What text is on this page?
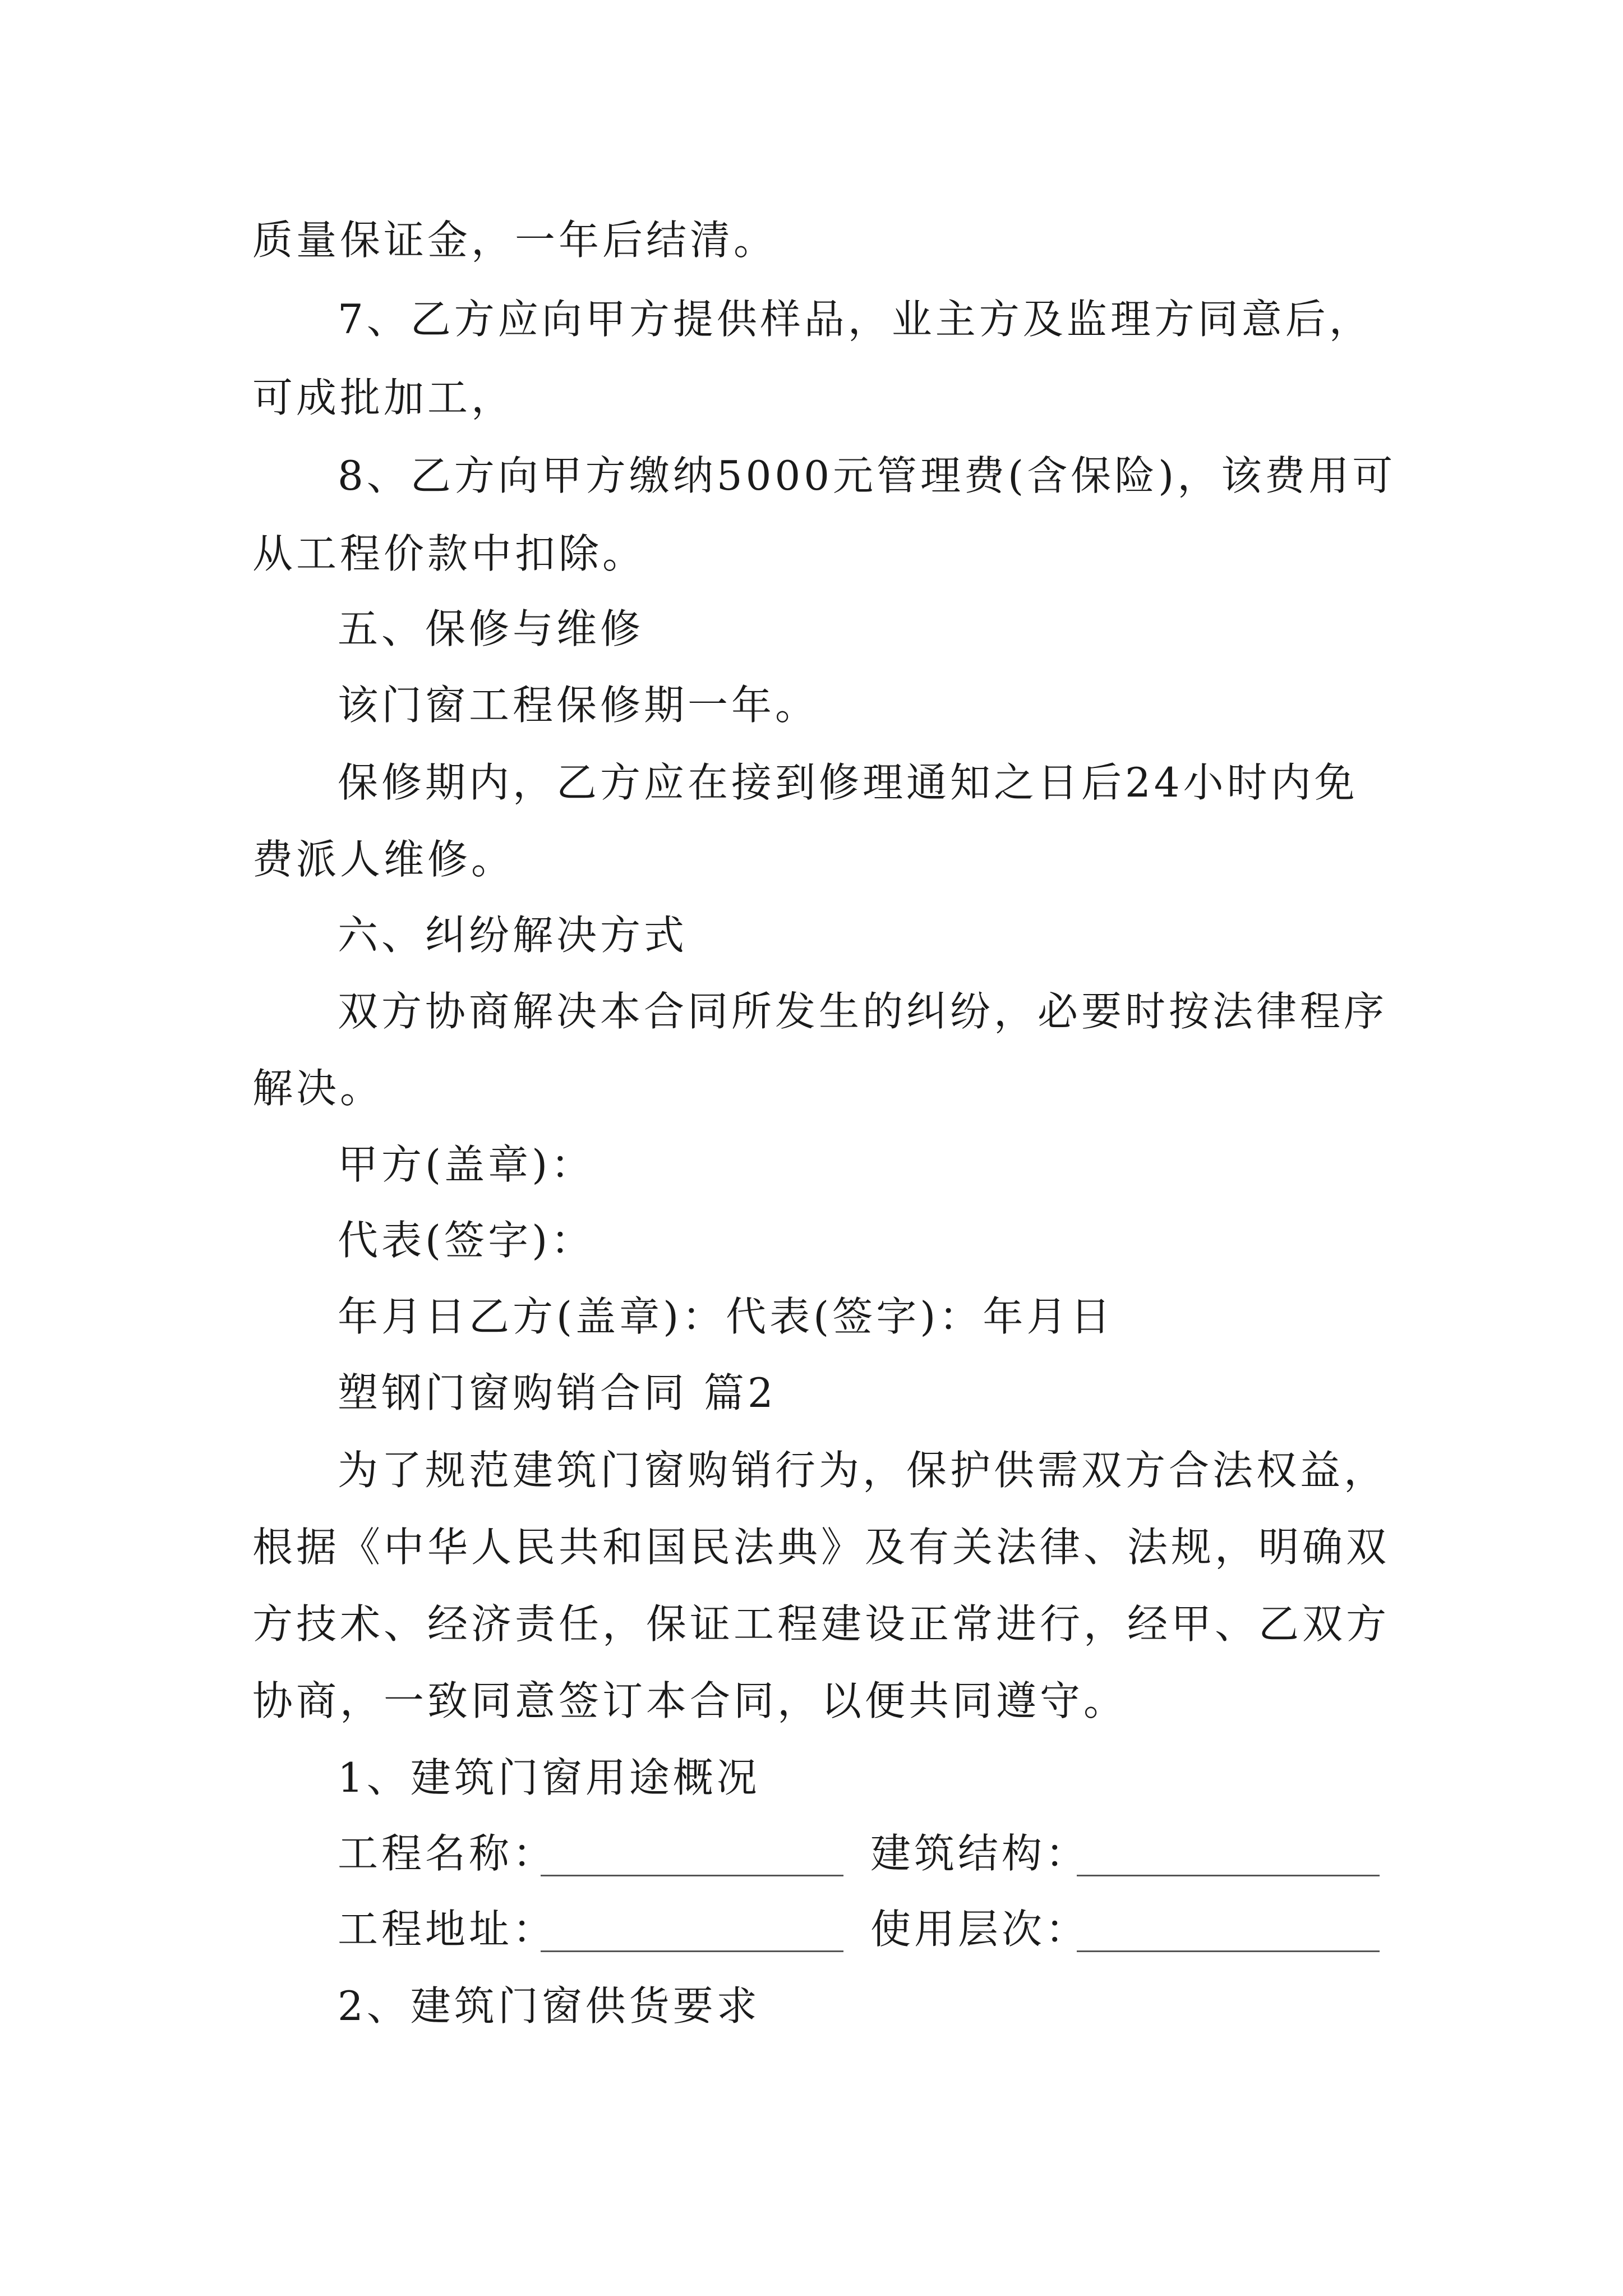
质量保证金，一年后结清。
7、乙方应向甲方提供样品，业主方及监理方同意后，
可成批加工，
8、乙方向甲方缴纳5000元管理费(含保险)，该费用可
从工程价款中扣除。
五、保修与维修
该门窗工程保修期一年。
保修期内，乙方应在接到修理通知之日后24小时内免
费派人维修。
六、纠纷解决方式
双方协商解决本合同所发生的纠纷，必要时按法律程序
解决。
甲方(盖章)：
代表(签字)：
年月日乙方(盖章)：代表(签字)：年月日
塑钢门窗购销合同 篇2
为了规范建筑门窗购销行为，保护供需双方合法权益，
根据《中华人民共和国民法典》及有关法律、法规，明确双
方技术、经济责任，保证工程建设正常进行，经甲、乙双方
协商，一致同意签订本合同，以便共同遵守。
1、建筑门窗用途概况
工程名称：	建筑结构：
工程地址：	使用层次：
2、建筑门窗供货要求
